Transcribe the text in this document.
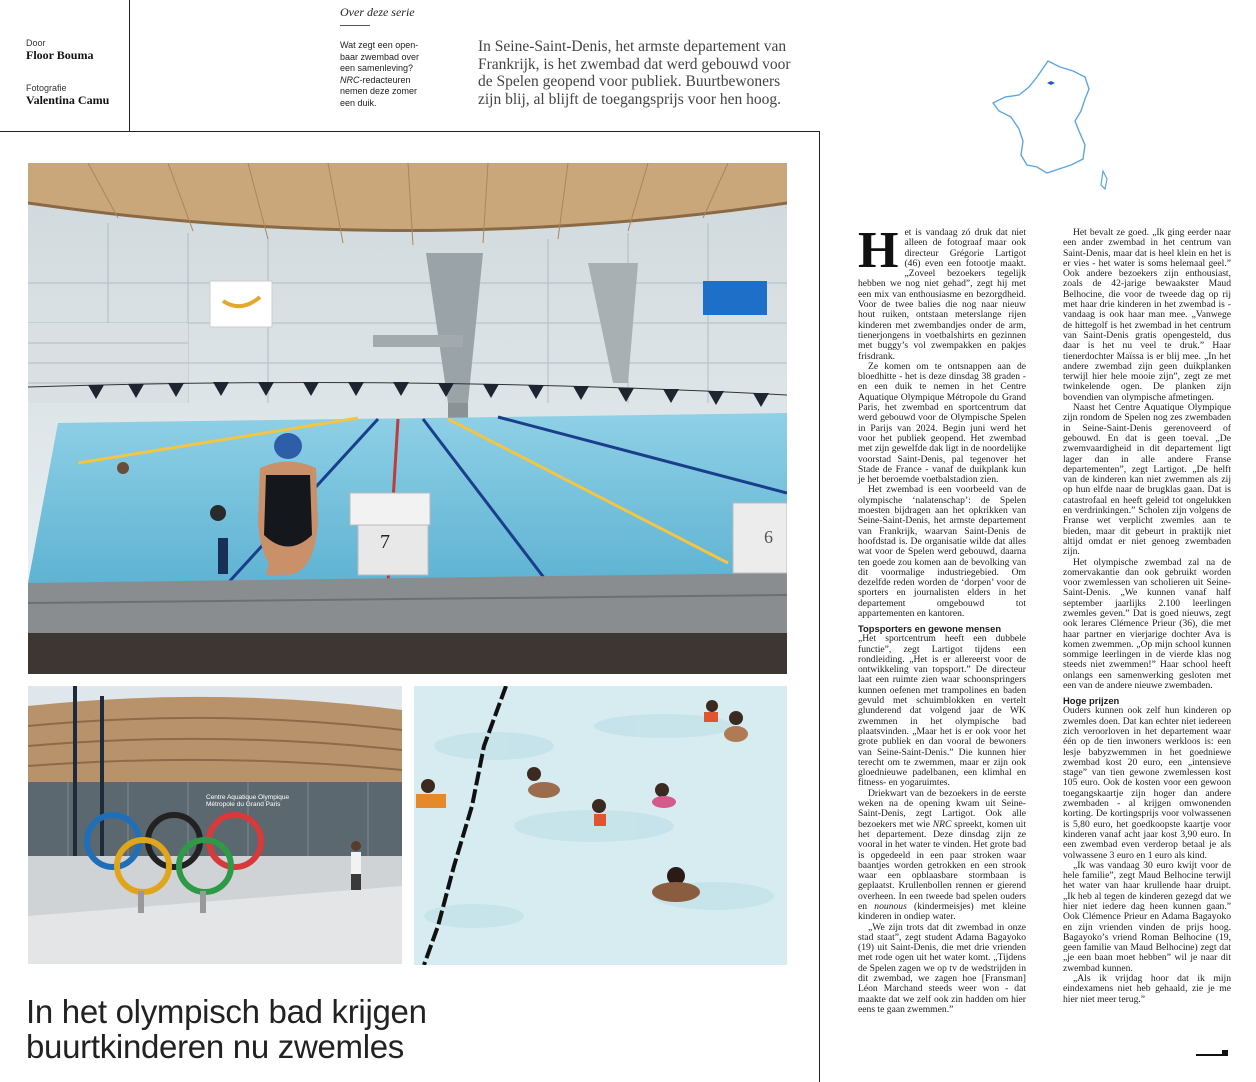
Door
Floor Bouma
Fotografie
Valentina Camu
Over deze serie
Wat zegt een open-baar zwembad over een samenleving? NRC-redacteuren nemen deze zomer een duik.
In Seine-Saint-Denis, het armste departement van Frankrijk, is het zwembad dat werd gebouwd voor de Spelen geopend voor publiek. Buurtbewoners zijn blij, al blijft de toegangsprijs voor hen hoog.
7	6
Centre Aquatique Olympique
Métropole du Grand Paris
In het olympisch bad krijgen
buurtkinderen nu zwemles
H et is vandaag zó druk dat niet alleen de fotograaf maar ook directeur Grégorie Lartigot (46) even een fotootje maakt. „Zoveel bezoekers tegelijk hebben we nog niet gehad”, zegt hij met een mix van enthousiasme en bezorgdheid. Voor de twee balies die nog naar nieuw hout ruiken, ontstaan meterslange rijen kinderen met zwembandjes onder de arm, tienerjongens in voetbalshirts en gezinnen met buggy’s vol zwempakken en pakjes frisdrank.

Ze komen om te ontsnappen aan de bloedhitte - het is deze dinsdag 38 graden - en een duik te nemen in het Centre Aquatique Olympique Métropole du Grand Paris, het zwembad en sportcentrum dat werd gebouwd voor de Olympische Spelen in Parijs van 2024. Begin juni werd het voor het publiek geopend. Het zwembad met zijn gewelfde dak ligt in de noordelijke voorstad Saint-Denis, pal tegenover het Stade de France - vanaf de duikplank kun je het beroemde voetbalstadion zien.

Het zwembad is een voorbeeld van de olympische ‘nalatenschap’: de Spelen moesten bijdragen aan het opkrikken van Seine-Saint-Denis, het armste departement van Frankrijk, waarvan Saint-Denis de hoofdstad is. De organisatie wilde dat alles wat voor de Spelen werd gebouwd, daarna ten goede zou komen aan de bevolking van dit voormalige industriegebied. Om dezelfde reden worden de ‘dorpen’ voor de sporters en journalisten elders in het departement omgebouwd tot appartementen en kantoren.

Topsporters en gewone mensen

„Het sportcentrum heeft een dubbele functie”, zegt Lartigot tijdens een rondleiding. „Het is er allereerst voor de ontwikkeling van topsport.” De directeur laat een ruimte zien waar schoonspringers kunnen oefenen met trampolines en baden gevuld met schuimblokken en vertelt glunderend dat volgend jaar de WK zwemmen in het olympische bad plaatsvinden. „Maar het is er ook voor het grote publiek en dan vooral de bewoners van Seine-Saint-Denis.” Die kunnen hier terecht om te zwemmen, maar er zijn ook gloednieuwe padelbanen, een klimhal en fitness- en yogaruimtes.

Driekwart van de bezoekers in de eerste weken na de opening kwam uit Seine-Saint-Denis, zegt Lartigot. Ook alle bezoekers met wie NRC spreekt, komen uit het departement. Deze dinsdag zijn ze vooral in het water te vinden. Het grote bad is opgedeeld in een paar stroken waar baantjes worden getrokken en een strook waar een opblaasbare stormbaan is geplaatst. Krullenbollen rennen er gierend overheen. In een tweede bad spelen ouders en nounous (kindermeisjes) met kleine kinderen in ondiep water.

„We zijn trots dat dit zwembad in onze stad staat”, zegt student Adama Bagayoko (19) uit Saint-Denis, die met drie vrienden met rode ogen uit het water komt. „Tijdens de Spelen zagen we op tv de wedstrijden in dit zwembad, we zagen hoe [Fransman] Léon Marchand steeds weer won - dat maakte dat we zelf ook zin hadden om hier eens te gaan zwemmen.”

Het bevalt ze goed. „Ik ging eerder naar een ander zwembad in het centrum van Saint-Denis, maar dat is heel klein en het is er vies - het water is soms helemaal geel.” Ook andere bezoekers zijn enthousiast, zoals de 42-jarige bewaakster Maud Belhocine, die voor de tweede dag op rij met haar drie kinderen in het zwembad is - vandaag is ook haar man mee. „Vanwege de hittegolf is het zwembad in het centrum van Saint-Denis gratis opengesteld, dus daar is het nu veel te druk.” Haar tienerdochter Maïssa is er blij mee. „In het andere zwembad zijn geen duikplanken terwijl hier hele mooie zijn”, zegt ze met twinkelende ogen. De planken zijn bovendien van olympische afmetingen.

Naast het Centre Aquatique Olympique zijn rondom de Spelen nog zes zwembaden in Seine-Saint-Denis gerenoveerd of gebouwd. En dat is geen toeval. „De zwemvaardigheid in dit departement ligt lager dan in alle andere Franse departementen”, zegt Lartigot. „De helft van de kinderen kan niet zwemmen als zij op hun elfde naar de brugklas gaan. Dat is catastrofaal en heeft geleid tot ongelukken en verdrinkingen.” Scholen zijn volgens de Franse wet verplicht zwemles aan te bieden, maar dit gebeurt in praktijk niet altijd omdat er niet genoeg zwembaden zijn.

Het olympische zwembad zal na de zomervakantie dan ook gebruikt worden voor zwemlessen van scholieren uit Seine-Saint-Denis. „We kunnen vanaf half september jaarlijks 2.100 leerlingen zwemles geven.” Dat is goed nieuws, zegt ook lerares Clémence Prieur (36), die met haar partner en vierjarige dochter Ava is komen zwemmen. „Op mijn school kunnen sommige leerlingen in de vierde klas nog steeds niet zwemmen!” Haar school heeft onlangs een samenwerking gesloten met een van de andere nieuwe zwembaden.

Hoge prijzen

Ouders kunnen ook zelf hun kinderen op zwemles doen. Dat kan echter niet iedereen zich veroorloven in het departement waar één op de tien inwoners werkloos is: een lesje babyzwemmen in het goedniewe zwembad kost 20 euro, een „intensieve stage” van tien gewone zwemlessen kost 105 euro. Ook de kosten voor een gewoon toegangskaartje zijn hoger dan andere zwembaden - al krijgen omwonenden korting. De kortingsprijs voor volwassenen is 5,80 euro, het goedkoopste kaartje voor kinderen vanaf acht jaar kost 3,90 euro. In een zwembad even verderop betaal je als volwassene 3 euro en 1 euro als kind.

„Ik was vandaag 30 euro kwijt voor de hele familie”, zegt Maud Belhocine terwijl het water van haar krullende haar druipt. „Ik heb al tegen de kinderen gezegd dat we hier niet iedere dag heen kunnen gaan.” Ook Clémence Prieur en Adama Bagayoko en zijn vrienden vinden de prijs hoog. Bagayoko’s vriend Roman Belhocine (19, geen familie van Maud Belhocine) zegt dat „je een baan moet hebben” wil je naar dit zwembad kunnen.

„Als ik vrijdag hoor dat ik mijn eindexamens niet heb gehaald, zie je me hier niet meer terug.”
